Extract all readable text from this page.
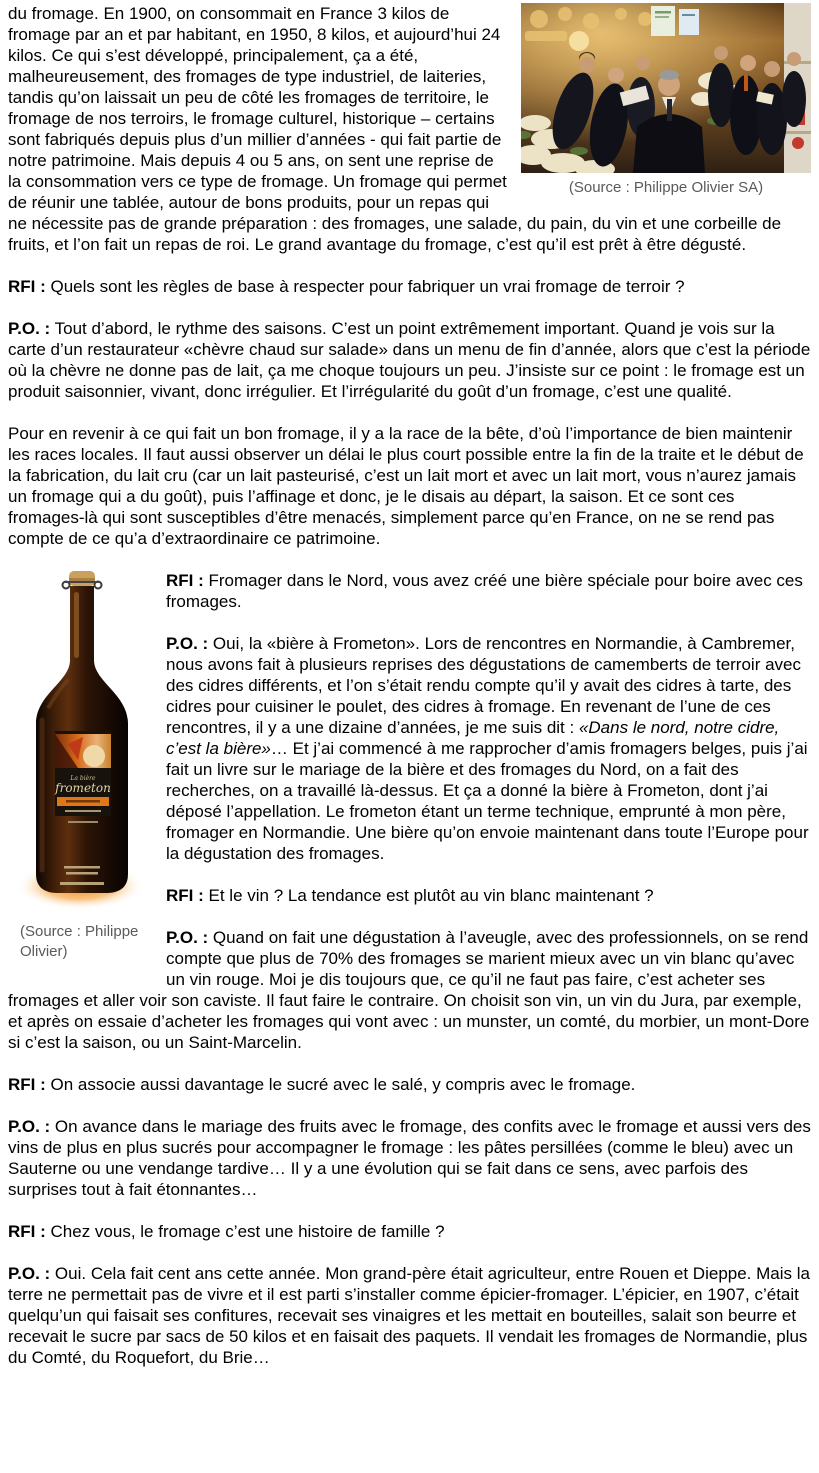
(Source : Philippe Olivier SA)

du fromage. En 1900, on consommait en France 3 kilos de fromage par an et par habitant, en 1950, 8 kilos, et aujourd’hui 24 kilos. Ce qui s’est développé, principalement, ça a été, malheureusement, des fromages de type industriel, de laiteries, tandis qu’on laissait un peu de côté les fromages de territoire, le fromage de nos terroirs, le fromage culturel, historique – certains sont fabriqués depuis plus d’un millier d’années - qui fait partie de notre patrimoine. Mais depuis 4 ou 5 ans, on sent une reprise de la consommation vers ce type de fromage. Un fromage qui permet de réunir une tablée, autour de bons produits, pour un repas qui ne nécessite pas de grande préparation : des fromages, une salade, du pain, du vin et une corbeille de fruits, et l’on fait un repas de roi. Le grand avantage du fromage, c’est qu’il est prêt à être dégusté.

RFI : Quels sont les règles de base à respecter pour fabriquer un vrai fromage de terroir ?

P.O. : Tout d’abord, le rythme des saisons. C’est un point extrêmement important. Quand je vois sur la carte d’un restaurateur «chèvre chaud sur salade» dans un menu de fin d’année, alors que c’est la période où la chèvre ne donne pas de lait, ça me choque toujours un peu. J’insiste sur ce point : le fromage est un produit saisonnier, vivant, donc irrégulier. Et l’irrégularité du goût d’un fromage, c’est une qualité.

Pour en revenir à ce qui fait un bon fromage, il y a la race de la bête, d’où l’importance de bien maintenir les races locales. Il faut aussi observer un délai le plus court possible entre la fin de la traite et le début de la fabrication, du lait cru (car un lait pasteurisé, c’est un lait mort et avec un lait mort, vous n’aurez jamais un fromage qui a du goût), puis l’affinage et donc, je le disais au départ, la saison. Et ce sont ces fromages-là qui sont susceptibles d’être menacés, simplement parce qu’en France, on ne se rend pas compte de ce qu’a d’extraordinaire ce patrimoine.

La bière
frometon
(Source : Philippe Olivier)

RFI : Fromager dans le Nord, vous avez créé une bière spéciale pour boire avec ces fromages.

P.O. : Oui, la «bière à Frometon». Lors de rencontres en Normandie, à Cambremer, nous avons fait à plusieurs reprises des dégustations de camemberts de terroir avec des cidres différents, et l’on s’était rendu compte qu’il y avait des cidres à tarte, des cidres pour cuisiner le poulet, des cidres à fromage. En revenant de l’une de ces rencontres, il y a une dizaine d’années, je me suis dit : «Dans le nord, notre cidre, c’est la bière»… Et j’ai commencé à me rapprocher d’amis fromagers belges, puis j’ai fait un livre sur le mariage de la bière et des fromages du Nord, on a fait des recherches, on a travaillé là-dessus. Et ça a donné la bière à Frometon, dont j’ai déposé l’appellation. Le frometon étant un terme technique, emprunté à mon père, fromager en Normandie. Une bière qu’on envoie maintenant dans toute l’Europe pour la dégustation des fromages.

RFI : Et le vin ? La tendance est plutôt au vin blanc maintenant ?

P.O. : Quand on fait une dégustation à l’aveugle, avec des professionnels, on se rend compte que plus de 70% des fromages se marient mieux avec un vin blanc qu’avec un vin rouge. Moi je dis toujours que, ce qu’il ne faut pas faire, c’est acheter ses fromages et aller voir son caviste. Il faut faire le contraire. On choisit son vin, un vin du Jura, par exemple, et après on essaie d’acheter les fromages qui vont avec : un munster, un comté, du morbier, un mont-Dore si c’est la saison, ou un Saint-Marcelin.

RFI : On associe aussi davantage le sucré avec le salé, y compris avec le fromage.

P.O. : On avance dans le mariage des fruits avec le fromage, des confits avec le fromage et aussi vers des vins de plus en plus sucrés pour accompagner le fromage : les pâtes persillées (comme le bleu) avec un Sauterne ou une vendange tardive… Il y a une évolution qui se fait dans ce sens, avec parfois des surprises tout à fait étonnantes…

RFI : Chez vous, le fromage c’est une histoire de famille ?

P.O. : Oui. Cela fait cent ans cette année. Mon grand-père était agriculteur, entre Rouen et Dieppe. Mais la terre ne permettait pas de vivre et il est parti s’installer comme épicier-fromager. L’épicier, en 1907, c’était quelqu’un qui faisait ses confitures, recevait ses vinaigres et les mettait en bouteilles, salait son beurre et recevait le sucre par sacs de 50 kilos et en faisait des paquets. Il vendait les fromages de Normandie, plus du Comté, du Roquefort, du Brie…
